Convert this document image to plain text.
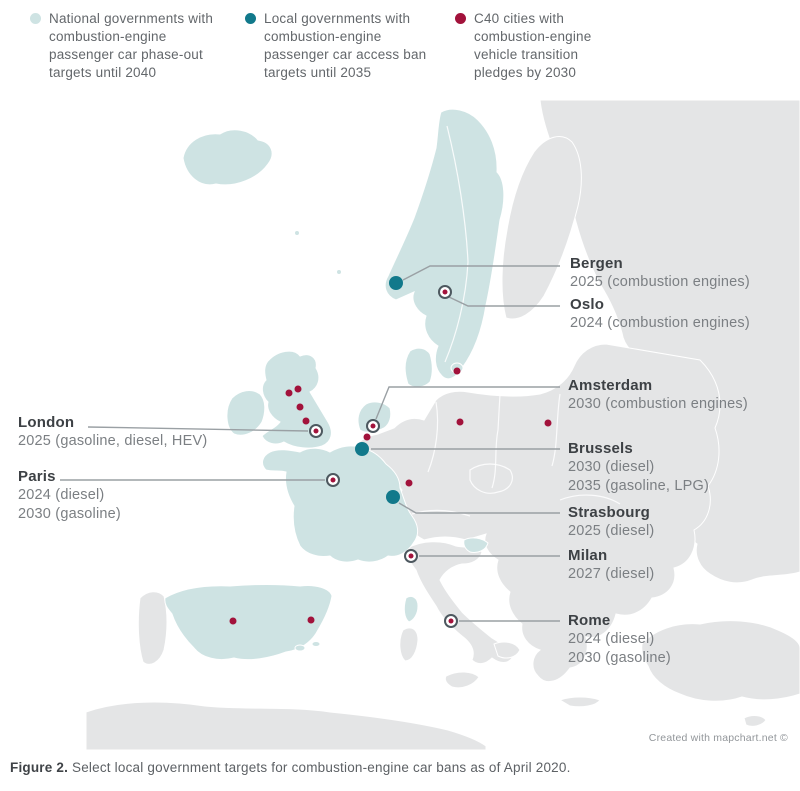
National governments with combustion-engine passenger car phase-out targets until 2040
Local governments with combustion-engine passenger car access ban targets until 2035
C40 cities with combustion-engine vehicle transition pledges by 2030
Bergen
2025 (combustion engines)
Oslo
2024 (combustion engines)
Amsterdam
2030 (combustion engines)
Brussels
2030 (diesel)
2035 (gasoline, LPG)
Strasbourg
2025 (diesel)
Milan
2027 (diesel)
Rome
2024 (diesel)
2030 (gasoline)
London
2025 (gasoline, diesel, HEV)
Paris
2024 (diesel)
2030 (gasoline)
Created with mapchart.net ©
Figure 2. Select local government targets for combustion-engine car bans as of April 2020.
